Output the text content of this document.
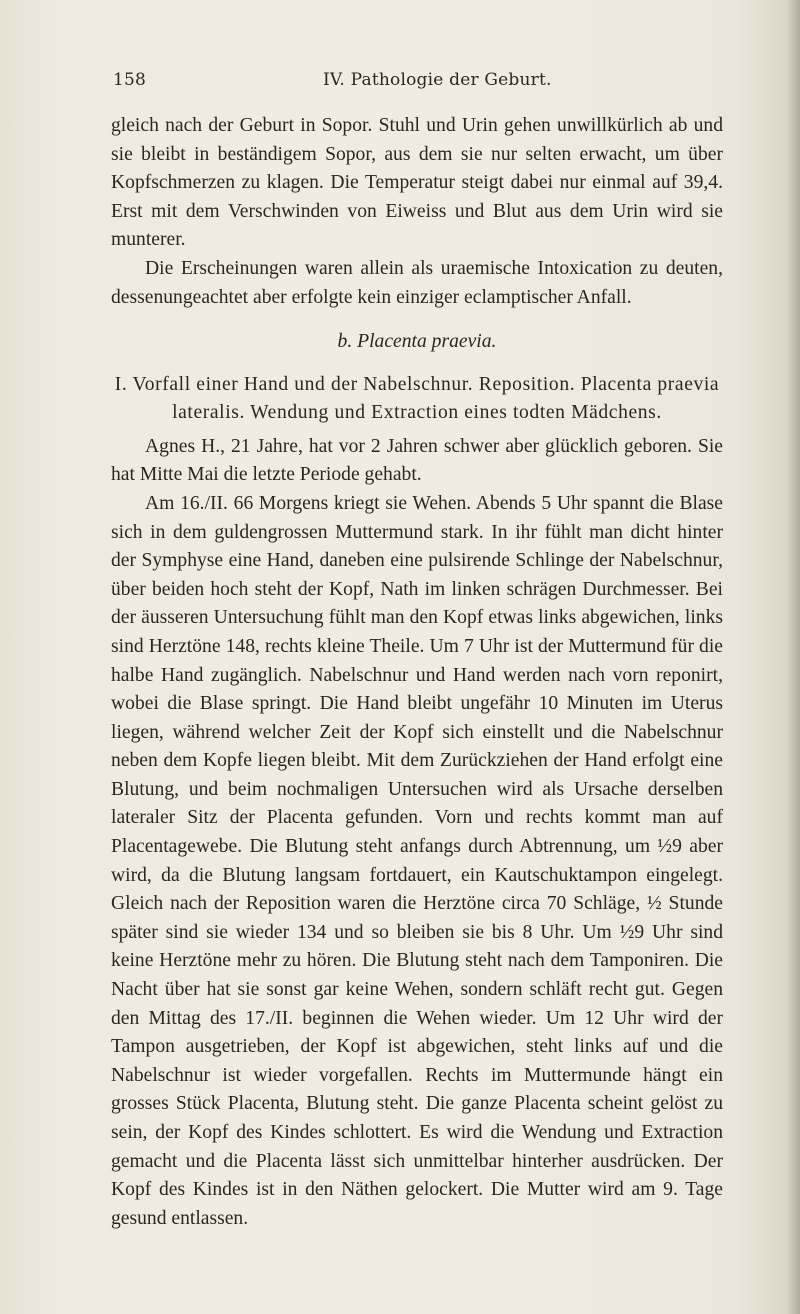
158	IV. Pathologie der Geburt.

gleich nach der Geburt in Sopor. Stuhl und Urin gehen unwillkürlich ab und sie bleibt in beständigem Sopor, aus dem sie nur selten erwacht, um über Kopfschmerzen zu klagen. Die Temperatur steigt dabei nur einmal auf 39,4. Erst mit dem Verschwinden von Eiweiss und Blut aus dem Urin wird sie munterer.

Die Erscheinungen waren allein als uraemische Intoxication zu deuten, dessenungeachtet aber erfolgte kein einziger eclamptischer Anfall.

b. Placenta praevia.
I. Vorfall einer Hand und der Nabelschnur. Reposition. Placenta praevia lateralis. Wendung und Extraction eines todten Mädchens.

Agnes H., 21 Jahre, hat vor 2 Jahren schwer aber glücklich geboren. Sie hat Mitte Mai die letzte Periode gehabt.

Am 16./II. 66 Morgens kriegt sie Wehen. Abends 5 Uhr spannt die Blase sich in dem guldengrossen Muttermund stark. In ihr fühlt man dicht hinter der Symphyse eine Hand, daneben eine pulsirende Schlinge der Nabelschnur, über beiden hoch steht der Kopf, Nath im linken schrägen Durchmesser. Bei der äusseren Untersuchung fühlt man den Kopf etwas links abgewichen, links sind Herztöne 148, rechts kleine Theile. Um 7 Uhr ist der Muttermund für die halbe Hand zugänglich. Nabelschnur und Hand werden nach vorn reponirt, wobei die Blase springt. Die Hand bleibt ungefähr 10 Minuten im Uterus liegen, während welcher Zeit der Kopf sich einstellt und die Nabelschnur neben dem Kopfe liegen bleibt. Mit dem Zurückziehen der Hand erfolgt eine Blutung, und beim nochmaligen Untersuchen wird als Ursache derselben lateraler Sitz der Placenta gefunden. Vorn und rechts kommt man auf Placentagewebe. Die Blutung steht anfangs durch Abtrennung, um ½9 aber wird, da die Blutung langsam fortdauert, ein Kautschuktampon eingelegt. Gleich nach der Reposition waren die Herztöne circa 70 Schläge, ½ Stunde später sind sie wieder 134 und so bleiben sie bis 8 Uhr. Um ½9 Uhr sind keine Herztöne mehr zu hören. Die Blutung steht nach dem Tamponiren. Die Nacht über hat sie sonst gar keine Wehen, sondern schläft recht gut. Gegen den Mittag des 17./II. beginnen die Wehen wieder. Um 12 Uhr wird der Tampon ausgetrieben, der Kopf ist abgewichen, steht links auf und die Nabelschnur ist wieder vorgefallen. Rechts im Muttermunde hängt ein grosses Stück Placenta, Blutung steht. Die ganze Placenta scheint gelöst zu sein, der Kopf des Kindes schlottert. Es wird die Wendung und Extraction gemacht und die Placenta lässt sich unmittelbar hinterher ausdrücken. Der Kopf des Kindes ist in den Näthen gelockert. Die Mutter wird am 9. Tage gesund entlassen.
